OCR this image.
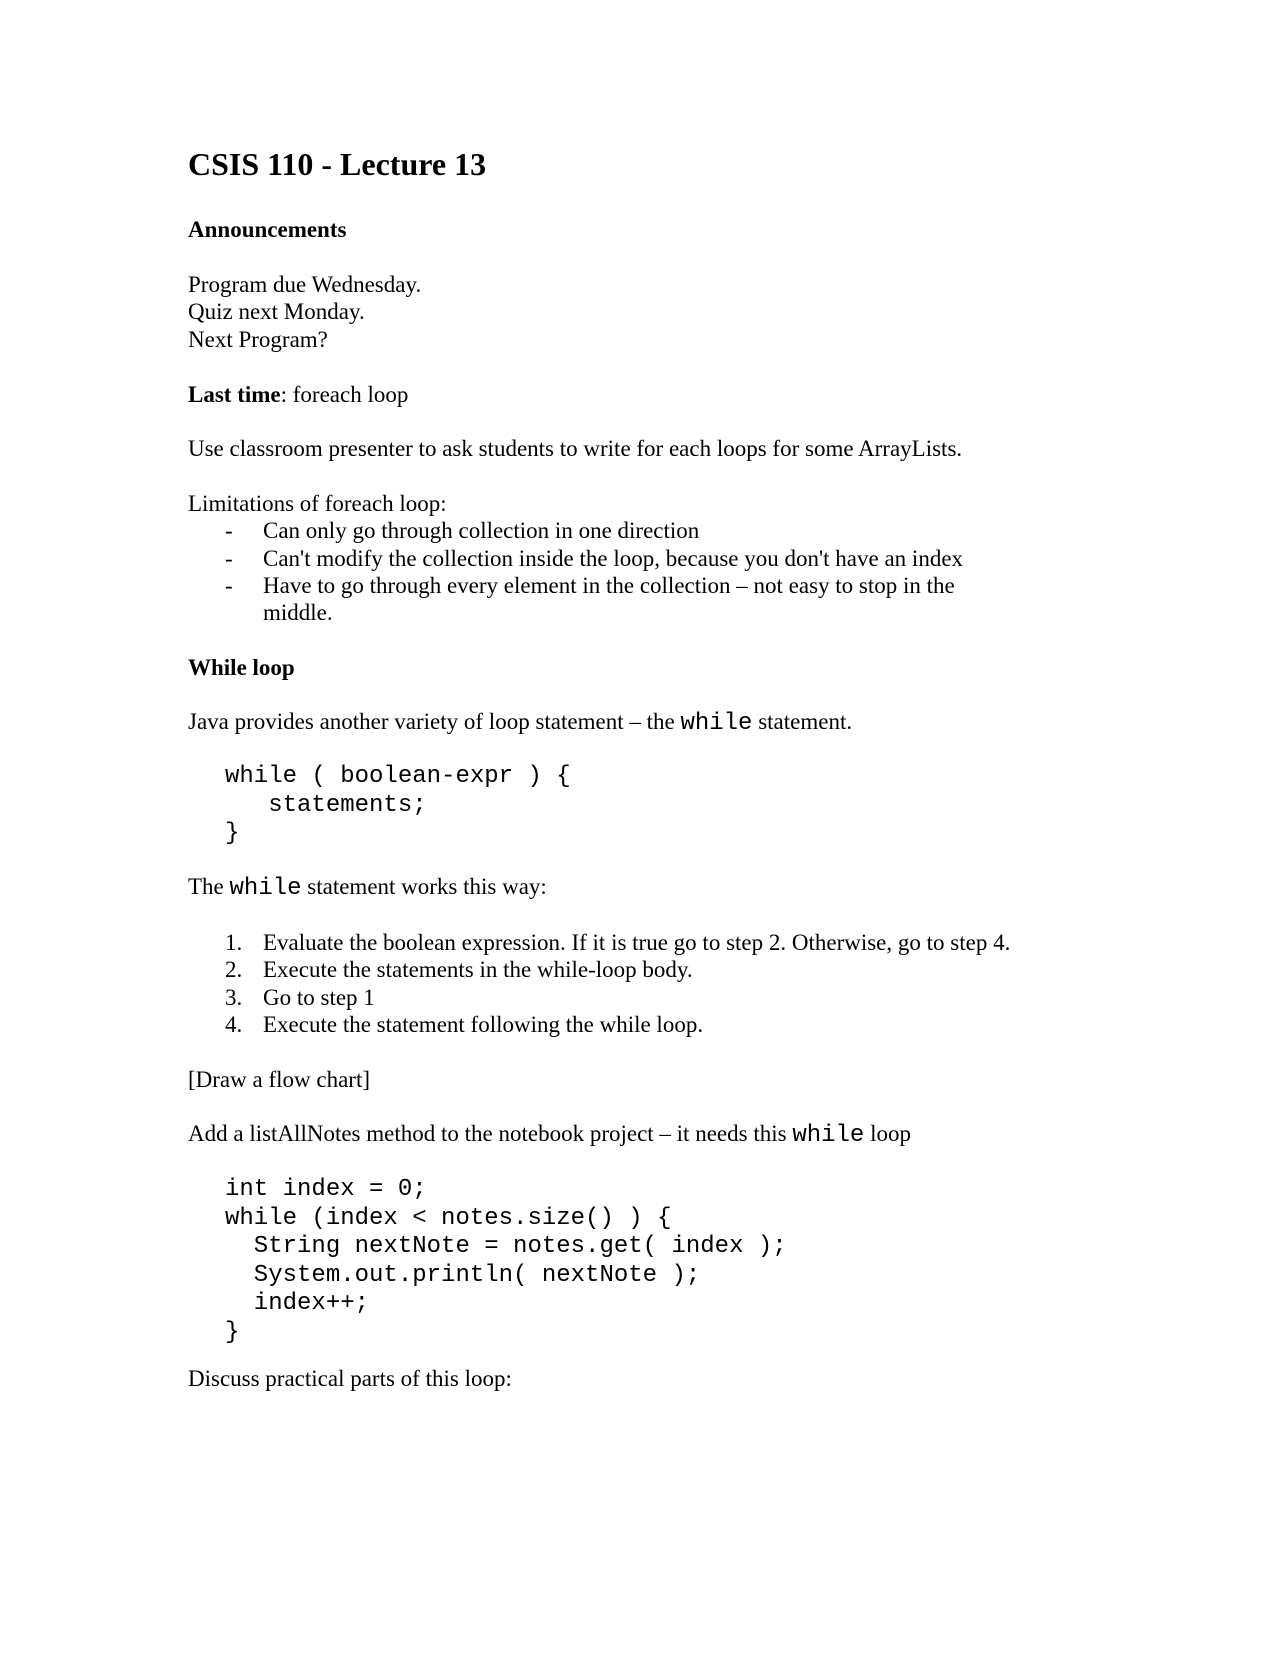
CSIS 110 - Lecture 13
Announcements
Program due Wednesday.
Quiz next Monday.
Next Program?
Last time: foreach loop
Use classroom presenter to ask students to write for each loops for some ArrayLists.
Limitations of foreach loop:
- Can only go through collection in one direction
- Can't modify the collection inside the loop, because you don't have an index
- Have to go through every element in the collection – not easy to stop in the
middle.
While loop
Java provides another variety of loop statement – the while statement.
while ( boolean-expr ) {
statements;
}
The while statement works this way:
1. Evaluate the boolean expression. If it is true go to step 2. Otherwise, go to step 4.
2. Execute the statements in the while-loop body.
3. Go to step 1
4. Execute the statement following the while loop.
[Draw a flow chart]
Add a listAllNotes method to the notebook project – it needs this while loop
int index = 0;
while (index < notes.size() ) {
String nextNote = notes.get( index );
System.out.println( nextNote );
index++;
}
Discuss practical parts of this loop:
